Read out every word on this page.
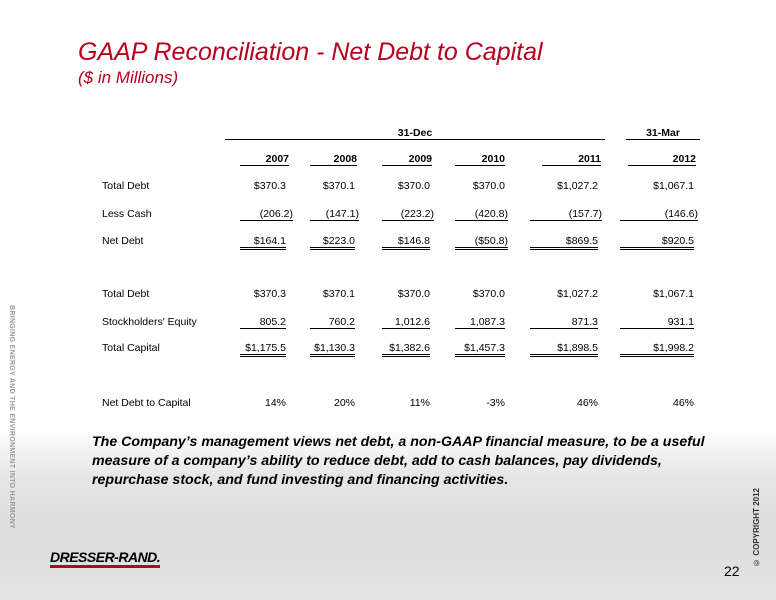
GAAP Reconciliation - Net Debt to Capital
($ in Millions)
BRINGING ENERGY AND THE ENVIRONMENT INTO HARMONY
31-Dec	31-Mar
2007	2008	2009	2010	2011	2012
Total Debt	$370.3	$370.1	$370.0	$370.0	$1,027.2	$1,067.1
Less Cash	(206.2)	(147.1)	(223.2)	(420.8)	(157.7)	(146.6)
Net Debt	$164.1	$223.0	$146.8	($50.8)	$869.5	$920.5
Total Debt	$370.3	$370.1	$370.0	$370.0	$1,027.2	$1,067.1
Stockholders' Equity	805.2	760.2	1,012.6	1,087.3	871.3	931.1
Total Capital	$1,175.5	$1,130.3	$1,382.6	$1,457.3	$1,898.5	$1,998.2
Net Debt to Capital	14%	20%	11%	-3%	46%	46%
The Company’s management views net debt, a non-GAAP financial measure, to be a useful measure of a company’s ability to reduce debt, add to cash balances, pay dividends, repurchase stock, and fund investing and financing activities.
© COPYRIGHT 2012
DRESSER-RAND.
22
